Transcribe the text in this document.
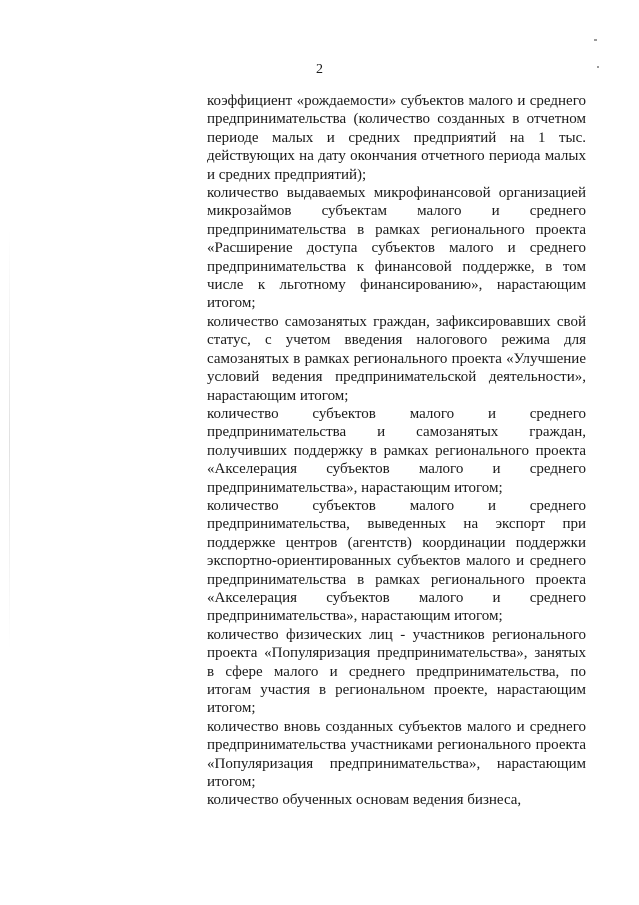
2

коэффициент «рождаемости» субъектов малого и среднего предпринимательства (количество созданных в отчетном периоде малых и средних предприятий на 1 тыс. действующих на дату окончания отчетного периода малых и средних предприятий);

количество выдаваемых микрофинансовой организацией микрозаймов субъектам малого и среднего предпринимательства в рамках регионального проекта «Расширение доступа субъектов малого и среднего предпринимательства к финансовой поддержке, в том числе к льготному финансированию», нарастающим итогом;

количество самозанятых граждан, зафиксировавших свой статус, с учетом введения налогового режима для самозанятых в рамках регионального проекта «Улучшение условий ведения предпринимательской деятельности», нарастающим итогом;

количество субъектов малого и среднего предпринимательства и самозанятых граждан, получивших поддержку в рамках регионального проекта «Акселерация субъектов малого и среднего предпринимательства», нарастающим итогом;

количество субъектов малого и среднего предпринимательства, выведенных на экспорт при поддержке центров (агентств) координации поддержки экспортно-ориентированных субъектов малого и среднего предпринимательства в рамках регионального проекта «Акселерация субъектов малого и среднего предпринимательства», нарастающим итогом;

количество физических лиц - участников регионального проекта «Популяризация предпринимательства», занятых в сфере малого и среднего предпринимательства, по итогам участия в региональном проекте, нарастающим итогом;

количество вновь созданных субъектов малого и среднего предпринимательства участниками регионального проекта «Популяризация предпринимательства», нарастающим итогом;

количество обученных основам ведения бизнеса,
